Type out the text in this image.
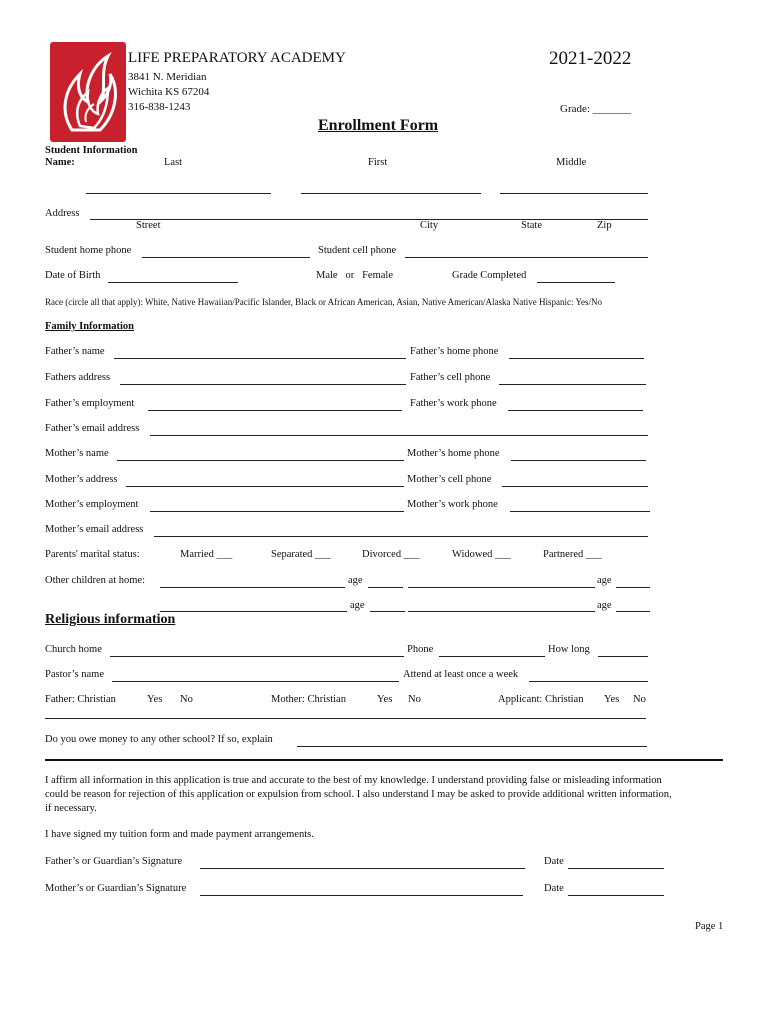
LIFE PREPARATORY ACADEMY	2021-2022
3841 N. Meridian
Wichita KS 67204
316-838-1243	Grade: _______
Enrollment Form
Student Information
Name:	Last	First	Middle
Address
Street	City	State	Zip
Student home phone	Student cell phone
Date of Birth	Male   or   Female	Grade Completed
Race (circle all that apply): White, Native Hawaiian/Pacific Islander, Black or African American, Asian, Native American/Alaska Native Hispanic: Yes/No
Family Information
Father’s name	Father’s home phone
Fathers address	Father’s cell phone
Father’s employment	Father’s work phone
Father’s email address
Mother’s name	Mother’s home phone
Mother’s address	Mother’s cell phone
Mother’s employment	Mother’s work phone
Mother’s email address
Parents' marital status:	Married ___	Separated ___	Divorced ___	Widowed ___	Partnered ___
Other children at home:	age	age
age	age
Religious information
Church home	Phone	How long
Pastor’s name	Attend at least once a week
Father: Christian	Yes No	Mother: Christian	Yes No	Applicant: Christian Yes No
Do you owe money to any other school? If so, explain
I affirm all information in this application is true and accurate to the best of my knowledge. I understand providing false or misleading information
could be reason for rejection of this application or expulsion from school. I also understand I may be asked to provide additional written information,
if necessary.
I have signed my tuition form and made payment arrangements.
Father’s or Guardian’s Signature	Date
Mother’s or Guardian’s Signature	Date
Page 1
